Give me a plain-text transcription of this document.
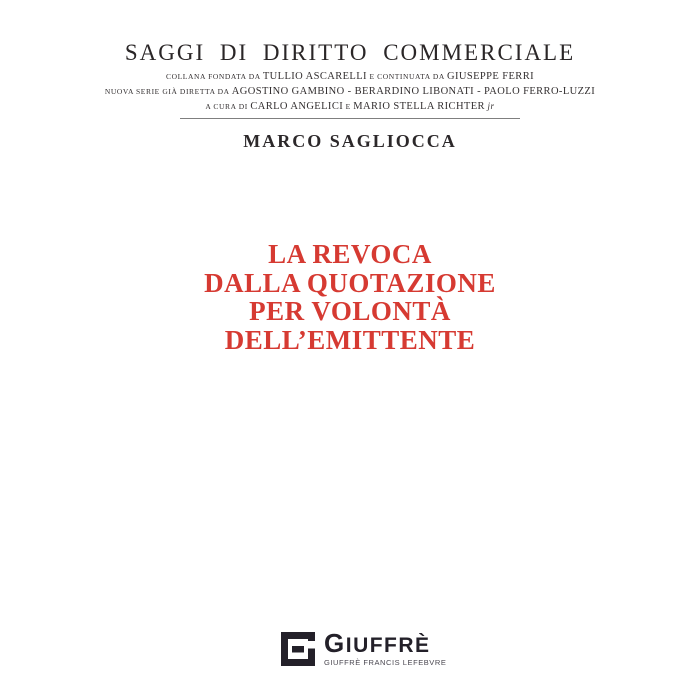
SAGGI DI DIRITTO COMMERCIALE
COLLANA FONDATA DA TULLIO ASCARELLI E CONTINUATA DA GIUSEPPE FERRI
NUOVA SERIE GIÀ DIRETTA DA AGOSTINO GAMBINO - BERARDINO LIBONATI - PAOLO FERRO-LUZZI
A CURA DI CARLO ANGELICI E MARIO STELLA RICHTER jr
MARCO SAGLIOCCA
LA REVOCA
DALLA QUOTAZIONE
PER VOLONTÀ
DELL’EMITTENTE
GIUFFRÈ
GIUFFRÈ FRANCIS LEFEBVRE
